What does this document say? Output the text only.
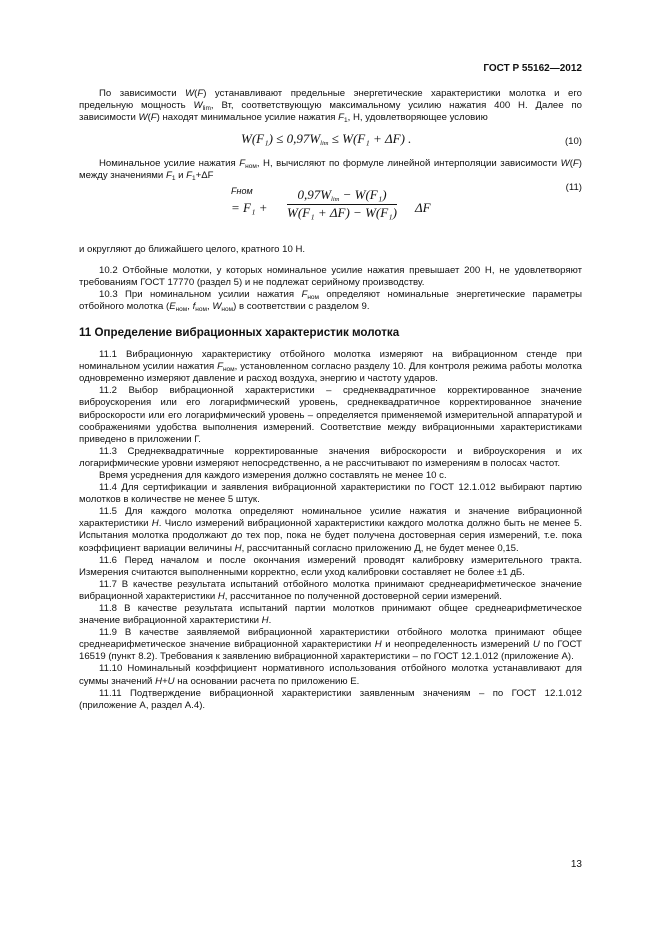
ГОСТ Р 55162—2012

По зависимости W(F) устанавливают предельные энергетические характеристики молотка и его предельную мощность $W_{lim}$, Вт, соответствующую максимальному усилию нажатия 400 Н. Далее по зависимости W(F) находят минимальное усилие нажатия $F_1$, Н, удовлетворяющее условию

$W(F_1) \le 0,97W_{lim} \le W(F_1 + \Delta F)$ .	(10)

Номинальное усилие нажатия $F_{ном}$, Н, вычисляют по формуле линейной интерполяции зависимости W(F) между значениями $F_1$ и $F_1+\Delta F$

Fном
= $F_1 + \frac{0,97W_{lim} - W(F_1)}{\text{W(F₁ + ΔF) − W(F₁)}}$ ΔF
(11)

и округляют до ближайшего целого, кратного 10 Н.

10.2 Отбойные молотки, у которых номинальное усилие нажатия превышает 200 Н, не удовлетворяют требованиям ГОСТ 17770 (раздел 5) и не подлежат серийному производству.

10.3 При номинальном усилии нажатия $F_{ном}$ определяют номинальные энергетические параметры отбойного молотка ($E_{ном}$, $f_{ном}$, $W_{ном}$) в соответствии с разделом 9.

11 Определение вибрационных характеристик молотка

11.1 Вибрационную характеристику отбойного молотка измеряют на вибрационном стенде при номинальном усилии нажатия $F_{ном}$, установленном согласно разделу 10. Для контроля режима работы молотка одновременно измеряют давление и расход воздуха, энергию и частоту ударов.

11.2 Выбор вибрационной характеристики – среднеквадратичное корректированное значение виброускорения или его логарифмический уровень, среднеквадратичное корректированное значение виброскорости или его логарифмический уровень – определяется применяемой измерительной аппаратурой и соображениями удобства выполнения измерений. Соответствие между вибрационными характеристиками приведено в приложении Г.

11.3 Среднеквадратичные корректированные значения виброскорости и виброускорения и их логарифмические уровни измеряют непосредственно, а не рассчитывают по измерениям в полосах частот.

Время усреднения для каждого измерения должно составлять не менее 10 с.

11.4 Для сертификации и заявления вибрационной характеристики по ГОСТ 12.1.012 выбирают партию молотков в количестве не менее 5 штук.

11.5 Для каждого молотка определяют номинальное усилие нажатия и значение вибрационной характеристики H. Число измерений вибрационной характеристики каждого молотка должно быть не менее 5. Испытания молотка продолжают до тех пор, пока не будет получена достоверная серия измерений, т.е. пока коэффициент вариации величины H, рассчитанный согласно приложению Д, не будет менее 0,15.

11.6 Перед началом и после окончания измерений проводят калибровку измерительного тракта. Измерения считаются выполненными корректно, если уход калибровки составляет не более ±1 дБ.

11.7 В качестве результата испытаний отбойного молотка принимают среднеарифметическое значение вибрационной характеристики H, рассчитанное по полученной достоверной серии измерений.

11.8 В качестве результата испытаний партии молотков принимают общее среднеарифметическое значение вибрационной характеристики H.

11.9 В качестве заявляемой вибрационной характеристики отбойного молотка принимают общее среднеарифметическое значение вибрационной характеристики H и неопределенность измерений U по ГОСТ 16519 (пункт 8.2). Требования к заявлению вибрационной характеристики – по ГОСТ 12.1.012 (приложение А).

11.10 Номинальный коэффициент нормативного использования отбойного молотка устанавливают для суммы значений H+U на основании расчета по приложению Е.

11.11 Подтверждение вибрационной характеристики заявленным значениям – по ГОСТ 12.1.012 (приложение А, раздел А.4).

13
